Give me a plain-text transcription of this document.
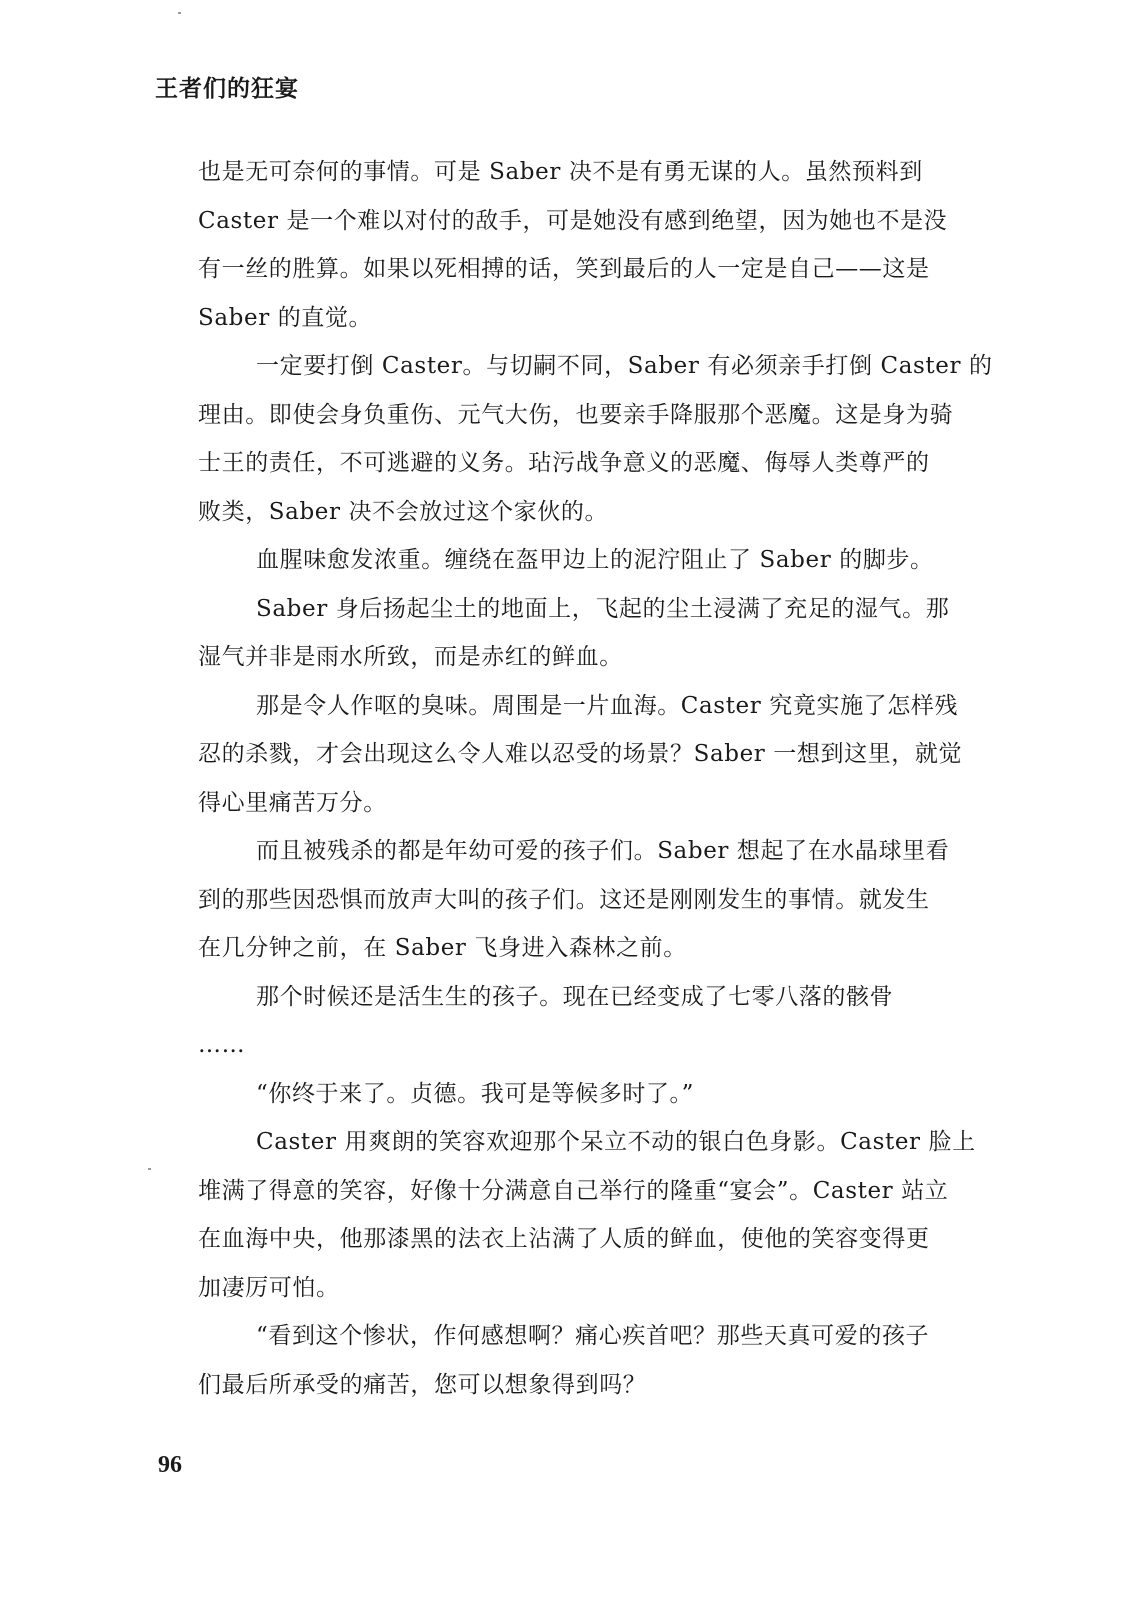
王者们的狂宴
也是无可奈何的事情。可是 Saber 决不是有勇无谋的人。虽然预料到
Caster 是一个难以对付的敌手，可是她没有感到绝望，因为她也不是没
有一丝的胜算。如果以死相搏的话，笑到最后的人一定是自己——这是
Saber 的直觉。
一定要打倒 Caster。与切嗣不同，Saber 有必须亲手打倒 Caster 的
理由。即使会身负重伤、元气大伤，也要亲手降服那个恶魔。这是身为骑
士王的责任，不可逃避的义务。玷污战争意义的恶魔、侮辱人类尊严的
败类，Saber 决不会放过这个家伙的。
血腥味愈发浓重。缠绕在盔甲边上的泥泞阻止了 Saber 的脚步。
Saber 身后扬起尘土的地面上，飞起的尘土浸满了充足的湿气。那
湿气并非是雨水所致，而是赤红的鲜血。
那是令人作呕的臭味。周围是一片血海。Caster 究竟实施了怎样残
忍的杀戮，才会出现这么令人难以忍受的场景？Saber 一想到这里，就觉
得心里痛苦万分。
而且被残杀的都是年幼可爱的孩子们。Saber 想起了在水晶球里看
到的那些因恐惧而放声大叫的孩子们。这还是刚刚发生的事情。就发生
在几分钟之前，在 Saber 飞身进入森林之前。
那个时候还是活生生的孩子。现在已经变成了七零八落的骸骨
……
“你终于来了。贞德。我可是等候多时了。”
Caster 用爽朗的笑容欢迎那个呆立不动的银白色身影。Caster 脸上
堆满了得意的笑容，好像十分满意自己举行的隆重“宴会”。Caster 站立
在血海中央，他那漆黑的法衣上沾满了人质的鲜血，使他的笑容变得更
加凄厉可怕。
“看到这个惨状，作何感想啊？痛心疾首吧？那些天真可爱的孩子
们最后所承受的痛苦，您可以想象得到吗？
96
